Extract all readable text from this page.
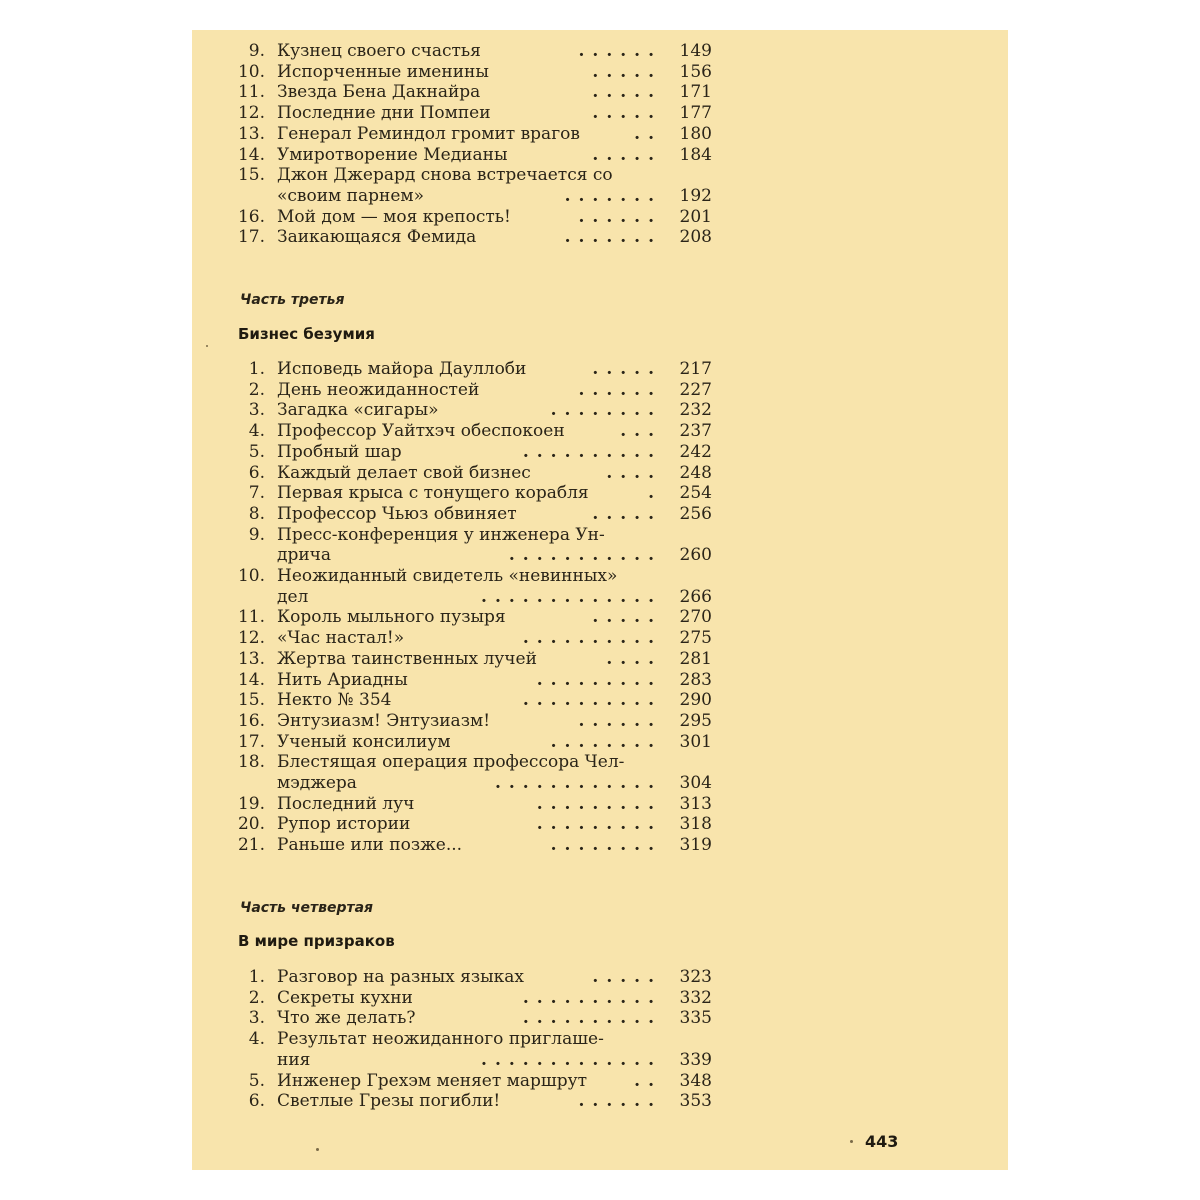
9. Кузнец своего счастья	......	149
10. Испорченные именины	.....	156
11. Звезда Бена Дакнайра	.....	171
12. Последние дни Помпеи	.....	177
13. Генерал Реминдол громит врагов	..	180
14. Умиротворение Медианы	.....	184
15. Джон Джерард снова встречается со
«своим парнем»	.......	192
16. Мой дом — моя крепость!	......	201
17. Заикающаяся Фемида	.......	208
1. Исповедь майора Дауллоби	.....	217
2. День неожиданностей	......	227
3. Загадка «сигары»	........	232
4. Профессор Уайтхэч обеспокоен	...	237
5. Пробный шар	..........	242
6. Каждый делает свой бизнес	....	248
7. Первая крыса с тонущего корабля	.	254
8. Профессор Чьюз обвиняет	.....	256
9. Пресс-конференция у инженера Ун-
дрича	...........	260
10. Неожиданный свидетель «невинных»
дел	.............	266
11. Король мыльного пузыря	.....	270
12. «Час настал!»	..........	275
13. Жертва таинственных лучей	....	281
14. Нить Ариадны	.........	283
15. Некто № 354	..........	290
16. Энтузиазм! Энтузиазм!	......	295
17. Ученый консилиум	........	301
18. Блестящая операция профессора Чел-
мэджера	............	304
19. Последний луч	.........	313
20. Рупор истории	.........	318
21. Раньше или позже...	........	319
1. Разговор на разных языках	.....	323
2. Секреты кухни	..........	332
3. Что же делать?	..........	335
4. Результат неожиданного приглаше-
ния	.............	339
5. Инженер Грехэм меняет маршрут	..	348
6. Светлые Грезы погибли!	......	353
Часть третья
Бизнес безумия
Часть четвертая
В мире призраков
443
